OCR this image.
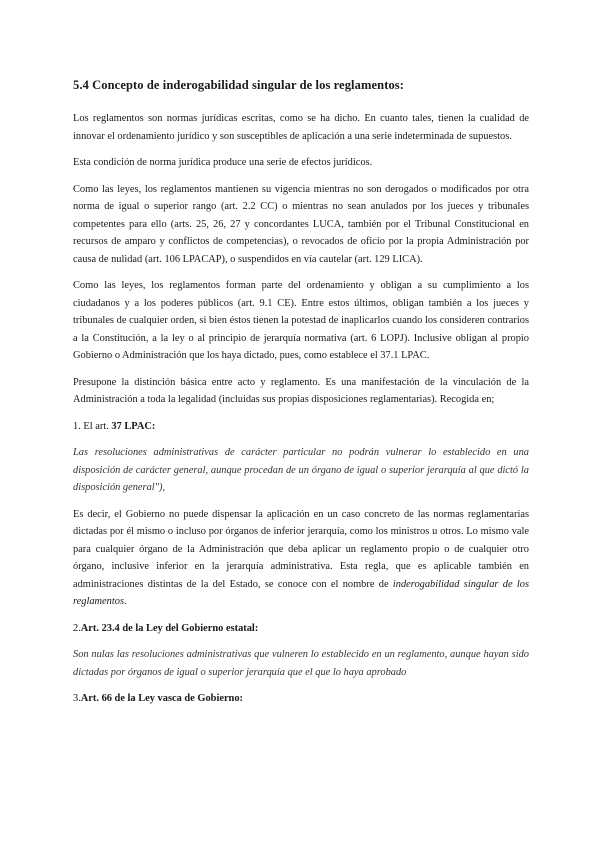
5.4 Concepto de inderogabilidad singular de los reglamentos:

Los reglamentos son normas jurídicas escritas, como se ha dicho. En cuanto tales, tienen la cualidad de innovar el ordenamiento jurídico y son susceptibles de aplicación a una serie indeterminada de supuestos.

Esta condición de norma jurídica produce una serie de efectos jurídicos.

Como las leyes, los reglamentos mantienen su vigencia mientras no son derogados o modificados por otra norma de igual o superior rango (art. 2.2 CC) o mientras no sean anulados por los jueces y tribunales competentes para ello (arts. 25, 26, 27 y concordantes LUCA, también por el Tribunal Constitucional en recursos de amparo y conflictos de competencias), o revocados de oficio por la propia Administración por causa de nulidad (art. 106 LPACAP), o suspendidos en vía cautelar (art. 129 LICA).

Como las leyes, los reglamentos forman parte del ordenamiento y obligan a su cumplimiento a los ciudadanos y a los poderes públicos (art. 9.1 CE). Entre estos últimos, obligan también a los jueces y tribunales de cualquier orden, si bien éstos tienen la potestad de inaplicarlos cuando los consideren contrarios a la Constitución, a la ley o al principio de jerarquía normativa (art. 6 LOPJ). Inclusive obligan al propio Gobierno o Administración que los haya dictado, pues, como establece el 37.1 LPAC.

Presupone la distinción básica entre acto y reglamento. Es una manifestación de la vinculación de la Administración a toda la legalidad (incluidas sus propias disposiciones reglamentarias). Recogida en;

1. El art. 37 LPAC:

Las resoluciones administrativas de carácter particular no podrán vulnerar lo establecido en una disposición de carácter general, aunque procedan de un órgano de igual o superior jerarquía al que dictó la disposición general"),

Es decir, el Gobierno no puede dispensar la aplicación en un caso concreto de las normas reglamentarias dictadas por él mismo o incluso por órganos de inferior jerarquía, como los ministros u otros. Lo mismo vale para cualquier órgano de la Administración que deba aplicar un reglamento propio o de cualquier otro órgano, inclusive inferior en la jerarquía administrativa. Esta regla, que es aplicable también en administraciones distintas de la del Estado, se conoce con el nombre de inderogabilidad singular de los reglamentos.

2.Art. 23.4 de la Ley del Gobierno estatal:

Son nulas las resoluciones administrativas que vulneren lo establecido en un reglamento, aunque hayan sido dictadas por órganos de igual o superior jerarquía que el que lo haya aprobado

3.Art. 66 de la Ley vasca de Gobierno:
